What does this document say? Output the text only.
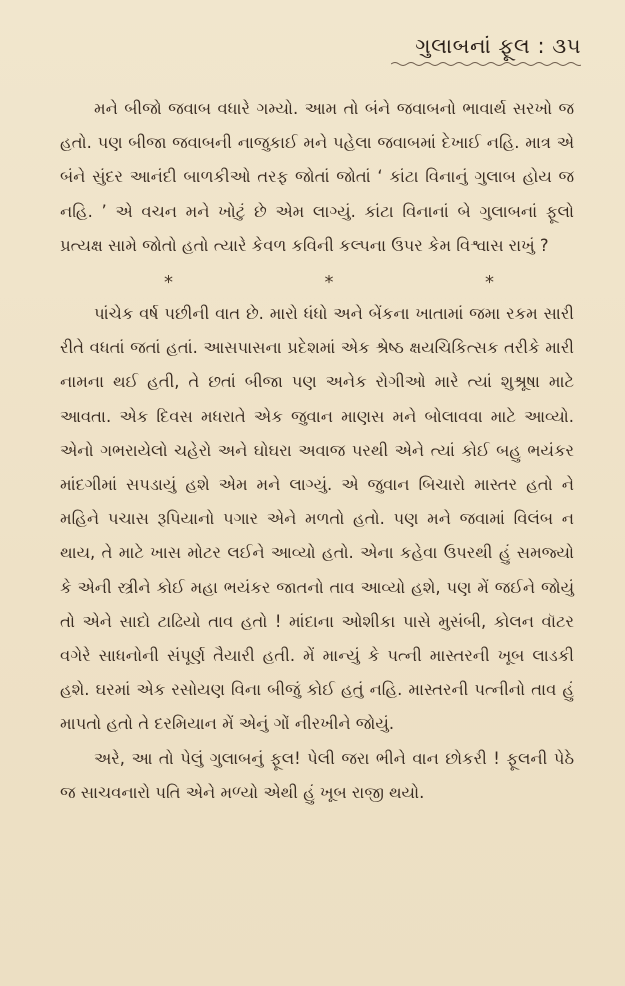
ગુલાબનાં ફૂલ : ૩૫

મને બીજો જવાબ વધારે ગમ્યો. આમ તો બંને જવાબનો ભાવાર્થ સરખો જ હતો. પણ બીજા જવાબની નાજુકાઈ મને પહેલા જવાબમાં દેખાઈ નહિ. માત્ર એ બંને સુંદર આનંદી બાળકીઓ તરફ જોતાં જોતાં ‘ કાંટા વિનાનું ગુલાબ હોય જ નહિ. ’ એ વચન મને ખોટું છે એમ લાગ્યું. કાંટા વિનાનાં બે ગુલાબનાં ફૂલો પ્રત્યક્ષ સામે જોતો હતો ત્યારે કેવળ કવિની કલ્પના ઉપર કેમ વિશ્વાસ રાખું ?

*	*	*

પાંચેક વર્ષ પછીની વાત છે. મારો ધંધો અને બેંકના ખાતામાં જમા રકમ સારી રીતે વધતાં જતાં હતાં. આસપાસના પ્રદેશમાં એક શ્રેષ્ઠ ક્ષયચિકિત્સક તરીકે મારી નામના થઈ હતી, તે છતાં બીજા પણ અનેક રોગીઓ મારે ત્યાં શુશ્રૂષા માટે આવતા. એક દિવસ મધરાતે એક જુવાન માણસ મને બોલાવવા માટે આવ્યો. એનો ગભરાયેલો ચહેરો અને ઘોઘરા અવાજ પરથી એને ત્યાં કોઈ બહુ ભયંકર માંદગીમાં સપડાયું હશે એમ મને લાગ્યું. એ જુવાન બિચારો માસ્તર હતો ને મહિને પચાસ રૂપિયાનો પગાર એને મળતો હતો. પણ મને જવામાં વિલંબ ન થાય, તે માટે ખાસ મોટર લઈને આવ્યો હતો. એના કહેવા ઉપરથી હું સમજ્યો કે એની સ્ત્રીને કોઈ મહા ભયંકર જાતનો તાવ આવ્યો હશે, પણ મેં જઈને જોયું તો એને સાદો ટાઢિયો તાવ હતો ! માંદાના ઓશીકા પાસે મુસંબી, કોલન વૉટર વગેરે સાધનોની સંપૂર્ણ તૈયારી હતી. મેં માન્યું કે પત્ની માસ્તરની ખૂબ લાડકી હશે. ઘરમાં એક રસોયણ વિના બીજું કોઈ હતું નહિ. માસ્તરની પત્નીનો તાવ હું માપતો હતો તે દરમિયાન મેં એનું ગોં નીરખીને જોયું.

અરે, આ તો પેલું ગુલાબનું ફૂલ! પેલી જરા ભીને વાન છોકરી ! ફૂલની પેઠે જ સાચવનારો પતિ એને મળ્યો એથી હું ખૂબ રાજી થયો.
